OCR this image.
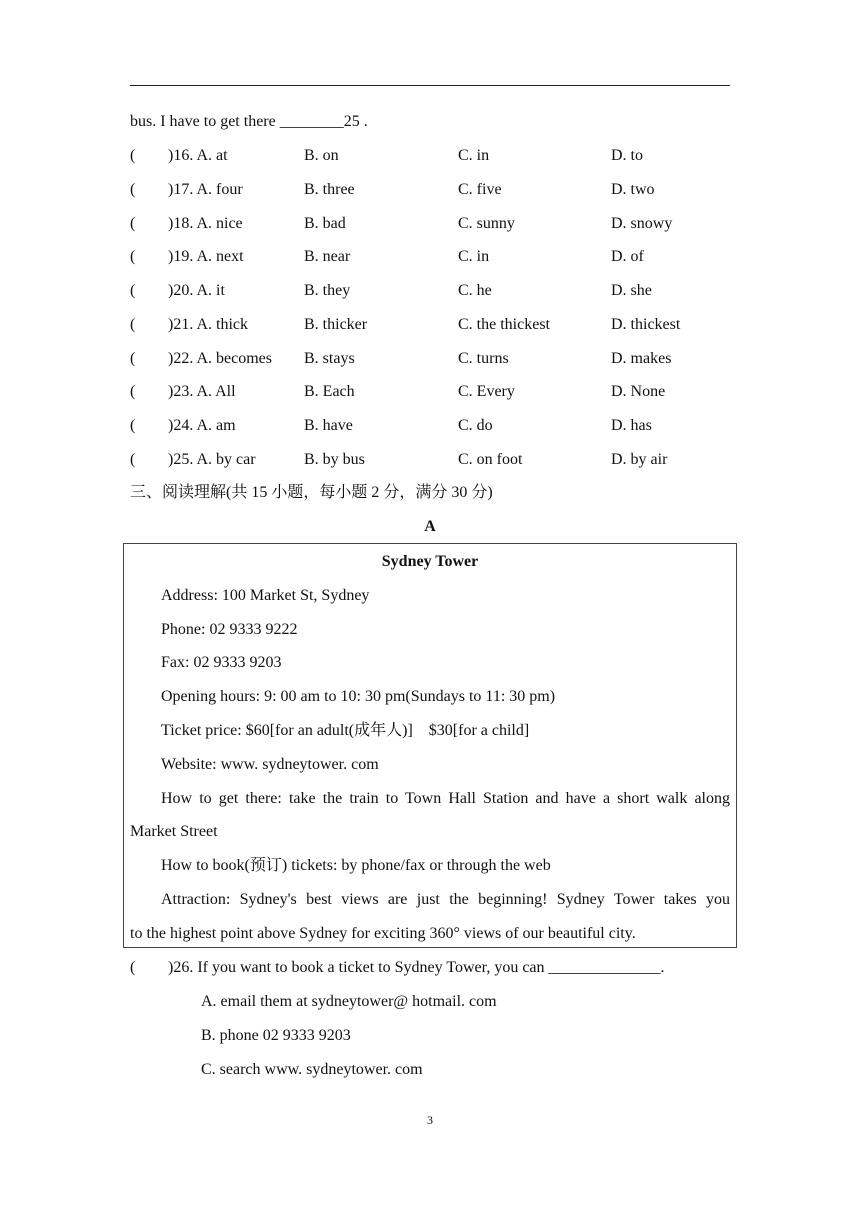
bus. I have to get there ________25 .
( )16. A. at	B. on	C. in	D. to
( )17. A. four	B. three	C. five	D. two
( )18. A. nice	B. bad	C. sunny	D. snowy
( )19. A. next	B. near	C. in	D. of
( )20. A. it	B. they	C. he	D. she
( )21. A. thick	B. thicker	C. the thickest	D. thickest
( )22. A. becomes B. stays	C. turns	D. makes
( )23. A. All	B. Each	C. Every	D. None
( )24. A. am	B. have	C. do	D. has
( )25. A. by car	B. by bus	C. on foot	D. by air
三、阅读理解(共 15 小题，每小题 2 分，满分 30 分)
A
Sydney Tower
Address: 100 Market St, Sydney
Phone: 02 9333 9222
Fax: 02 9333 9203
Opening hours: 9: 00 am to 10: 30 pm(Sundays to 11: 30 pm)
Ticket price: $60[for an adult(成年人)]    $30[for a child]
Website: www. sydneytower. com
How to get there: take the train to Town Hall Station and have a short walk along
Market Street
How to book(预订) tickets: by phone/fax or through the web
Attraction: Sydney's best views are just the beginning! Sydney Tower takes you
to the highest point above Sydney for exciting 360° views of our beautiful city.
( )26. If you want to book a ticket to Sydney Tower, you can ______________.
A. email them at sydneytower@ hotmail. com
B. phone 02 9333 9203
C. search www. sydneytower. com
3
